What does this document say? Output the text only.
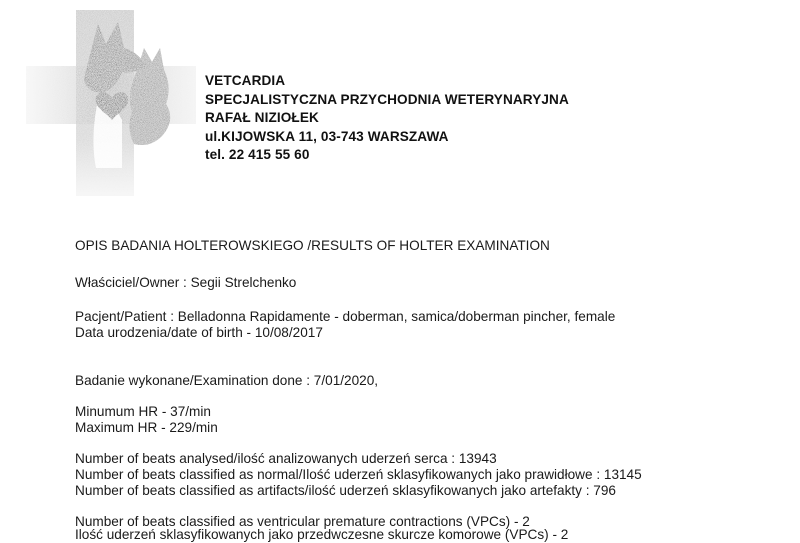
VETCARDIA
SPECJALISTYCZNA PRZYCHODNIA WETERYNARYJNA
RAFAŁ NIZIOŁEK
ul.KIJOWSKA 11, 03-743 WARSZAWA
tel. 22 415 55 60
OPIS BADANIA HOLTEROWSKIEGO /RESULTS OF HOLTER EXAMINATION
Właściciel/Owner : Segii Strelchenko
Pacjent/Patient : Belladonna Rapidamente - doberman, samica/doberman pincher, female
Data urodzenia/date of birth - 10/08/2017
Badanie wykonane/Examination done : 7/01/2020,
Minumum HR - 37/min
Maximum HR - 229/min
Number of beats analysed/ilość analizowanych uderzeń serca : 13943
Number of beats classified as normal/Ilość uderzeń sklasyfikowanych jako prawidłowe : 13145
Number of beats classified as artifacts/ilość uderzeń sklasyfikowanych jako artefakty : 796
Number of beats classified as ventricular premature contractions (VPCs) - 2
Ilość uderzeń sklasyfikowanych jako przedwczesne skurcze komorowe (VPCs) - 2
